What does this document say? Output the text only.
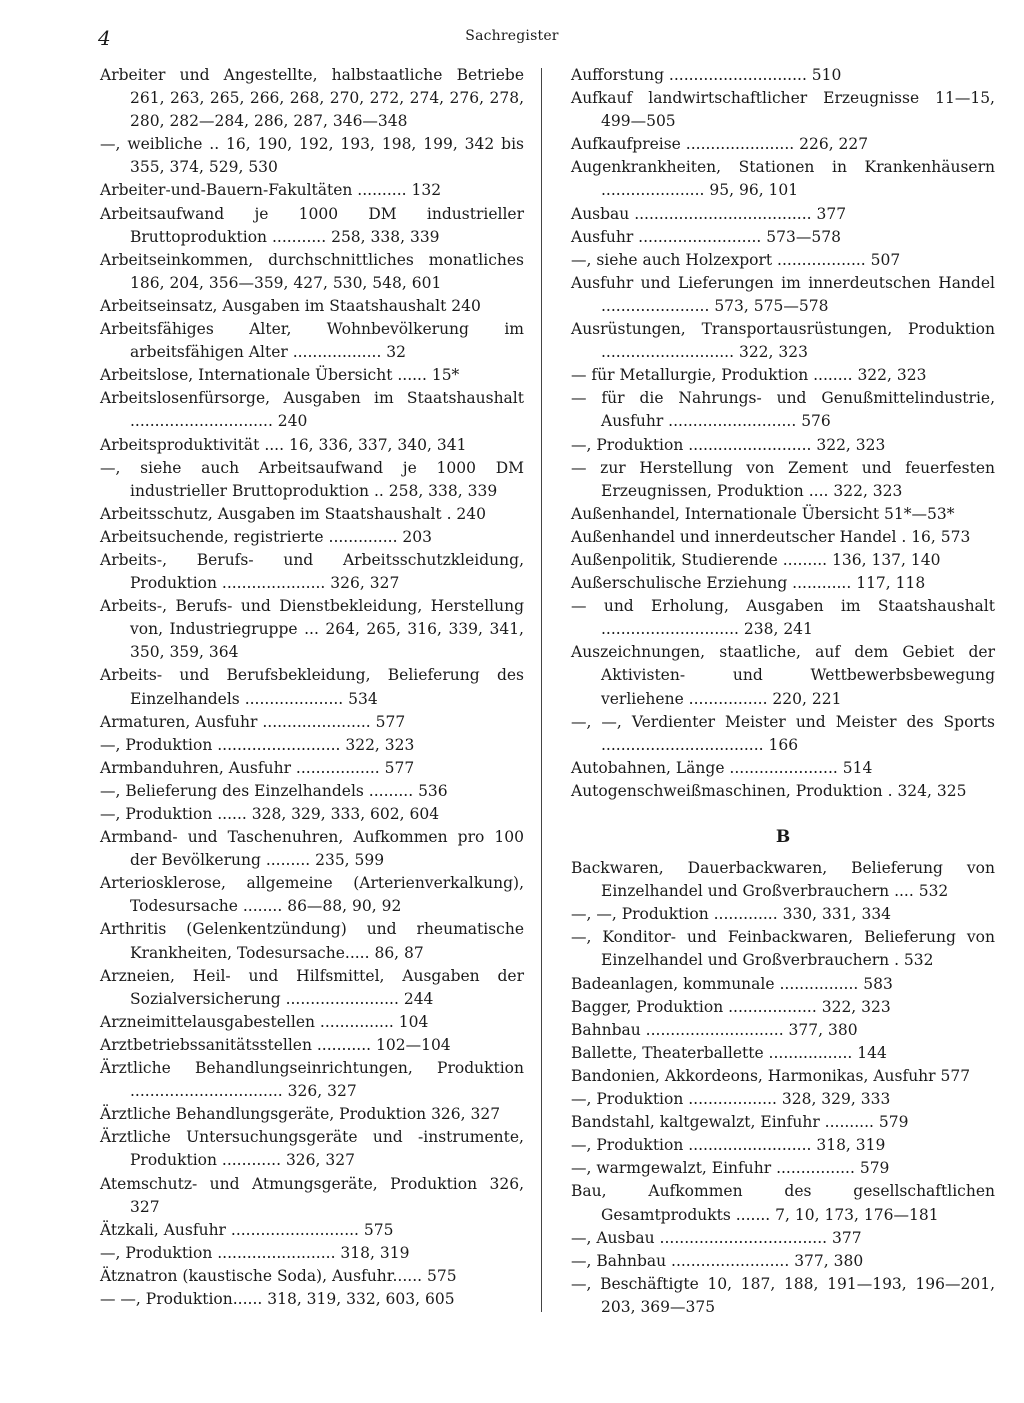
4	Sachregister

Arbeiter und Angestellte, halbstaatliche Betriebe 261, 263, 265, 266, 268, 270, 272, 274, 276, 278, 280, 282—284, 286, 287, 346—348

—, weibliche .. 16, 190, 192, 193, 198, 199, 342 bis 355, 374, 529, 530

Arbeiter-und-Bauern-Fakultäten .......... 132

Arbeitsaufwand je 1000 DM industrieller Bruttoproduktion ........... 258, 338, 339

Arbeitseinkommen, durchschnittliches monatliches 186, 204, 356—359, 427, 530, 548, 601

Arbeitseinsatz, Ausgaben im Staatshaushalt 240

Arbeitsfähiges Alter, Wohnbevölkerung im arbeitsfähigen Alter .................. 32

Arbeitslose, Internationale Übersicht ...... 15*

Arbeitslosenfürsorge, Ausgaben im Staatshaushalt ............................. 240

Arbeitsproduktivität .... 16, 336, 337, 340, 341

—, siehe auch Arbeitsaufwand je 1000 DM industrieller Bruttoproduktion .. 258, 338, 339

Arbeitsschutz, Ausgaben im Staatshaushalt . 240

Arbeitsuchende, registrierte .............. 203

Arbeits-, Berufs- und Arbeitsschutzkleidung, Produktion ..................... 326, 327

Arbeits-, Berufs- und Dienstbekleidung, Herstellung von, Industriegruppe ... 264, 265, 316, 339, 341, 350, 359, 364

Arbeits- und Berufsbekleidung, Belieferung des Einzelhandels .................... 534

Armaturen, Ausfuhr ...................... 577

—, Produktion ......................... 322, 323

Armbanduhren, Ausfuhr ................. 577

—, Belieferung des Einzelhandels ......... 536

—, Produktion ...... 328, 329, 333, 602, 604

Armband- und Taschenuhren, Aufkommen pro 100 der Bevölkerung ......... 235, 599

Arteriosklerose, allgemeine (Arterienverkalkung), Todesursache ........ 86—88, 90, 92

Arthritis (Gelenkentzündung) und rheumatische Krankheiten, Todesursache..... 86, 87

Arzneien, Heil- und Hilfsmittel, Ausgaben der Sozialversicherung ....................... 244

Arzneimittelausgabestellen ............... 104

Arztbetriebssanitätsstellen ........... 102—104

Ärztliche Behandlungseinrichtungen, Produktion ............................... 326, 327

Ärztliche Behandlungsgeräte, Produktion 326, 327

Ärztliche Untersuchungsgeräte und -instrumente, Produktion ............ 326, 327

Atemschutz- und Atmungsgeräte, Produktion 326, 327

Ätzkali, Ausfuhr .......................... 575

—, Produktion ........................ 318, 319

Ätznatron (kaustische Soda), Ausfuhr...... 575

— —, Produktion...... 318, 319, 332, 603, 605

Aufforstung ............................ 510

Aufkauf landwirtschaftlicher Erzeugnisse 11—15, 499—505

Aufkaufpreise ...................... 226, 227

Augenkrankheiten, Stationen in Krankenhäusern ..................... 95, 96, 101

Ausbau .................................... 377

Ausfuhr ......................... 573—578

—, siehe auch Holzexport .................. 507

Ausfuhr und Lieferungen im innerdeutschen Handel ...................... 573, 575—578

Ausrüstungen, Transportausrüstungen, Produktion ........................... 322, 323

— für Metallurgie, Produktion ........ 322, 323

— für die Nahrungs- und Genußmittelindustrie, Ausfuhr .......................... 576

—, Produktion ......................... 322, 323

— zur Herstellung von Zement und feuerfesten Erzeugnissen, Produktion .... 322, 323

Außenhandel, Internationale Übersicht 51*—53*

Außenhandel und innerdeutscher Handel . 16, 573

Außenpolitik, Studierende ......... 136, 137, 140

Außerschulische Erziehung ............ 117, 118

— und Erholung, Ausgaben im Staatshaushalt ............................ 238, 241

Auszeichnungen, staatliche, auf dem Gebiet der Aktivisten- und Wettbewerbsbewegung verliehene ................ 220, 221

—, —, Verdienter Meister und Meister des Sports ................................. 166

Autobahnen, Länge ...................... 514

Autogenschweißmaschinen, Produktion . 324, 325

B

Backwaren, Dauerbackwaren, Belieferung von Einzelhandel und Großverbrauchern .... 532

—, —, Produktion ............. 330, 331, 334

—, Konditor- und Feinbackwaren, Belieferung von Einzelhandel und Großverbrauchern . 532

Badeanlagen, kommunale ................ 583

Bagger, Produktion .................. 322, 323

Bahnbau ............................ 377, 380

Ballette, Theaterballette ................. 144

Bandonien, Akkordeons, Harmonikas, Ausfuhr 577

—, Produktion .................. 328, 329, 333

Bandstahl, kaltgewalzt, Einfuhr .......... 579

—, Produktion ......................... 318, 319

—, warmgewalzt, Einfuhr ................ 579

Bau, Aufkommen des gesellschaftlichen Gesamtprodukts ....... 7, 10, 173, 176—181

—, Ausbau .................................. 377

—, Bahnbau ........................ 377, 380

—, Beschäftigte 10, 187, 188, 191—193, 196—201, 203, 369—375
